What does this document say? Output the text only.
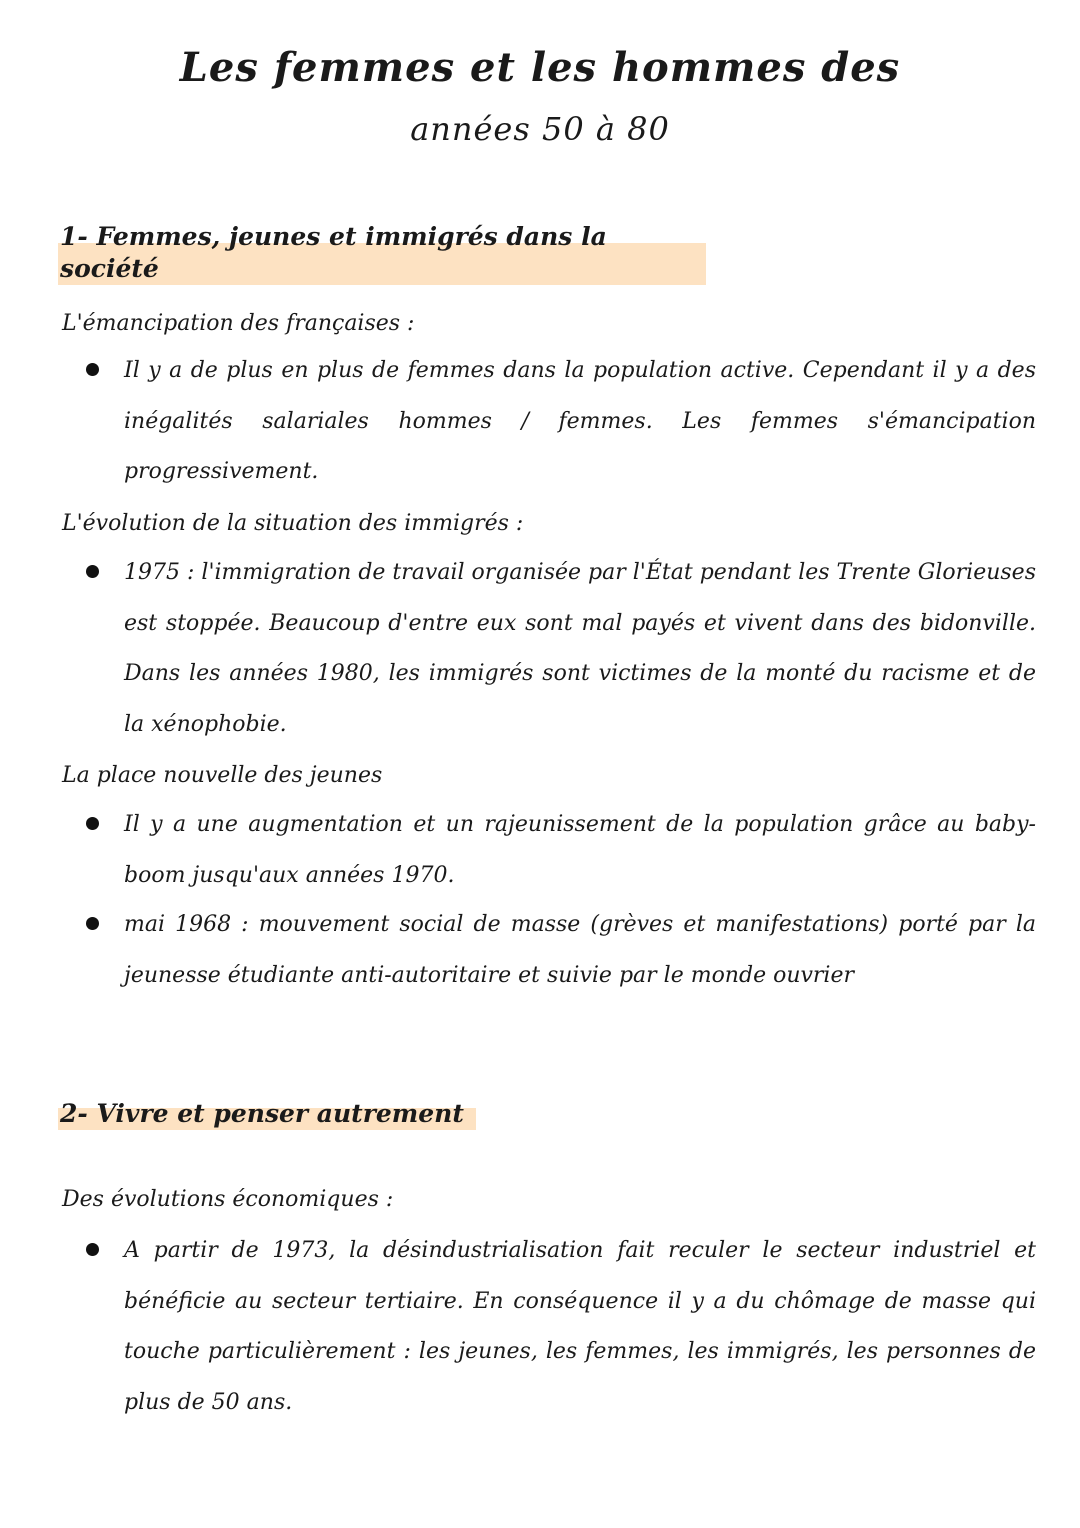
Les femmes et les hommes des
années 50 à 80
1- Femmes, jeunes et immigrés dans la société
L'émancipation des françaises :
Il y a de plus en plus de femmes dans la population active. Cependant il y a des inégalités salariales hommes / femmes. Les femmes s'émancipation progressivement.
L'évolution de la situation des immigrés :
1975 : l'immigration de travail organisée par l'État pendant les Trente Glorieuses est stoppée. Beaucoup d'entre eux sont mal payés et vivent dans des bidonville. Dans les années 1980, les immigrés sont victimes de la monté du racisme et de la xénophobie.
La place nouvelle des jeunes
Il y a une augmentation et un rajeunissement de la population grâce au baby-boom jusqu'aux années 1970.
mai 1968 : mouvement social de masse (grèves et manifestations) porté par la jeunesse étudiante anti-autoritaire et suivie par le monde ouvrier
2- Vivre et penser autrement
Des évolutions économiques :
A partir de 1973, la désindustrialisation fait reculer le secteur industriel et bénéficie au secteur tertiaire. En conséquence il y a du chômage de masse qui touche particulièrement : les jeunes, les femmes, les immigrés, les personnes de plus de 50 ans.
